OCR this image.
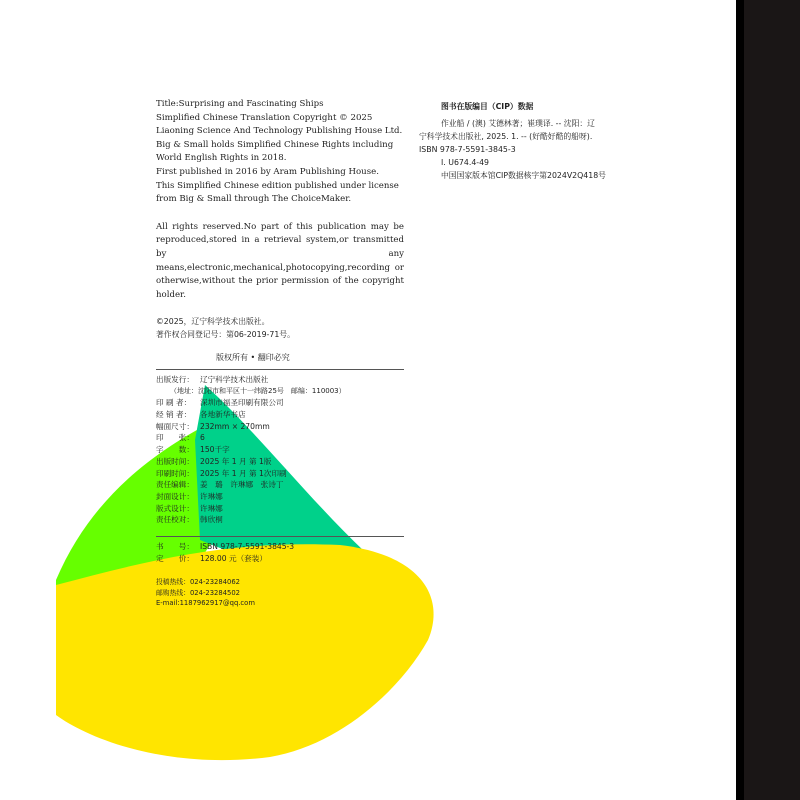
Title:Surprising and Fascinating Ships

Simplified Chinese Translation Copyright © 2025 Liaoning Science And Technology Publishing House Ltd.

Big & Small holds Simplified Chinese Rights including World English Rights in 2018.

First published in 2016 by Aram Publishing House.

This Simplified Chinese edition published under license from Big & Small through The ChoiceMaker.

All rights reserved.No part of this publication may be reproduced,stored in a retrieval system,or transmitted by any means,electronic,mechanical,photocopying,recording or otherwise,without the prior permission of the copyright holder.

©2025，辽宁科学技术出版社。

著作权合同登记号：第06-2019-71号。

版权所有 • 翻印必究

出版发行： 辽宁科学技术出版社
（地址：沈阳市和平区十一纬路25号　邮编：110003）
印 刷 者： 深圳市福圣印刷有限公司
经 销 者： 各地新华书店
幅面尺寸： 232mm × 270mm
印　　张： 6
字　　数： 150千字
出版时间： 2025 年 1 月 第 1版
印刷时间： 2025 年 1 月 第 1次印刷
责任编辑： 姜　璐　许琳娜　张诗丁
封面设计： 许琳娜
版式设计： 许琳娜
责任校对： 韩欣桐
书　　号： ISBN 978-7-5591-3845-3
定　　价： 128.00 元（套装）
投稿热线：024-23284062
邮购热线：024-23284502
E-mail:1187962917@qq.com
图书在版编目（CIP）数据
作业船 / (澳) 艾德林著；崔璞译. -- 沈阳：辽
宁科学技术出版社, 2025. 1. -- (好酷好酷的船呀).
ISBN 978-7-5591-3845-3
Ⅰ. U674.4-49
中国国家版本馆CIP数据核字第2024V2Q418号
